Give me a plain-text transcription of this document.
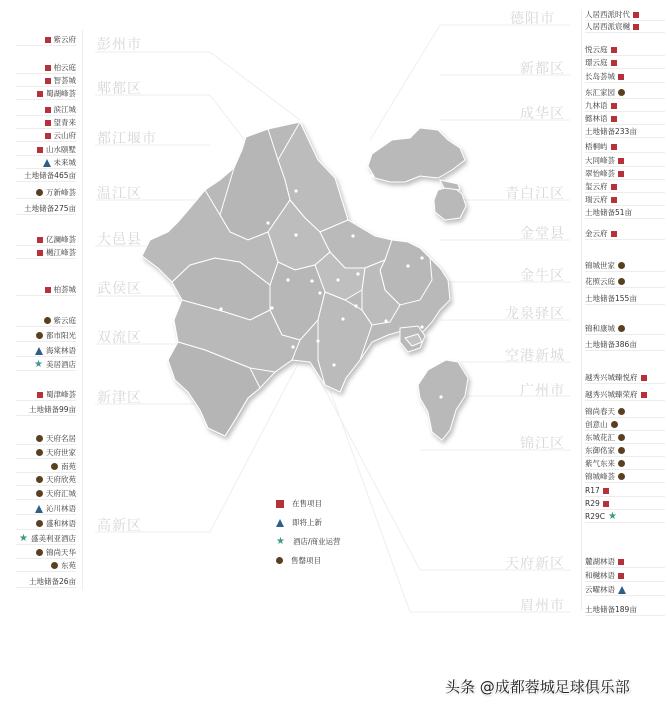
彭州市
郫都区
都江堰市
温江区
大邑县
武侯区
双流区
新津区
高新区
德阳市
新都区
成华区
青白江区
金堂县
金牛区
龙泉驿区
空港新城
广州市
锦江区
天府新区
眉州市
紫云府
柏云庭
智荟城
蜀湖峰荟
滨江城
望青来
云山府
山水颐墅
未来城
土地储备465亩
万新峰荟
土地储备275亩
亿澜峰荟
樾江峰荟
柏荟城
紫云庭
都市阳光
海棠林语
★ 美居酒店
蜀津峰荟
土地储备99亩
天府名居
天府世家
南苑
天府欣苑
天府汇城
沁川林语
盛和林语
★ 盛美利亚酒店
锦尚天华
东苑
土地储备26亩
人居西派时代
人居西派宸樾
悦云庭
璟云庭
长岛荟城
东汇家园
九林语
懿林语
土地储备233亩
梧桐屿
大同峰荟
翠怡峰荟
玺云府
瑞云府
土地储备51亩
金云府
锦城世家
花照云庭
土地储备155亩
锦和康城
土地储备386亩
越秀兴城臻悦府
越秀兴城臻荣府
锦尚春天
创意山
东城花汇
东御佲家
紫气东来
锦城峰荟
R17
R29
R29C ★
麓湖林语
和樾林语
云曜林语
土地储备189亩
在售项目
即将上新
★ 酒店/商业运营
售罄项目
头条 @成都蓉城足球俱乐部
